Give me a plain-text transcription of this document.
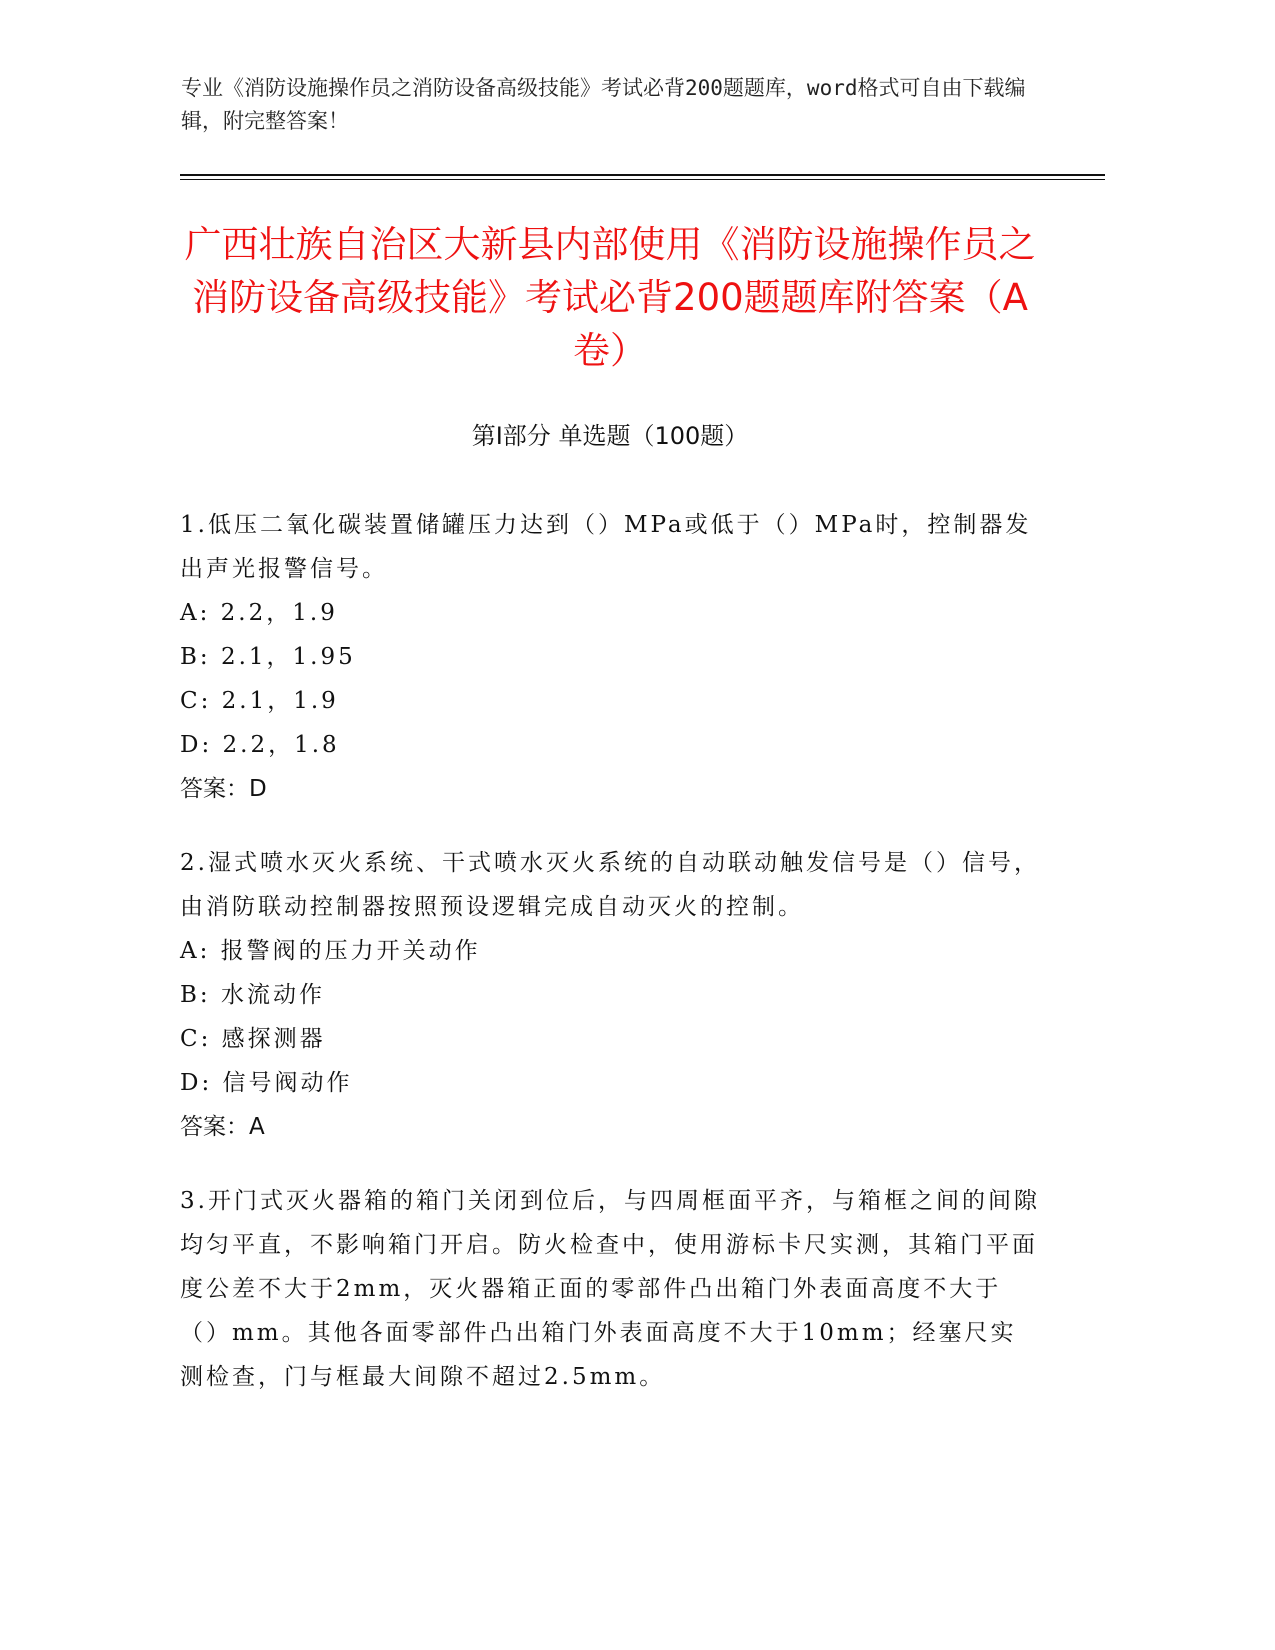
专业《消防设施操作员之消防设备高级技能》考试必背200题题库，word格式可自由下载编辑，附完整答案！
广西壮族自治区大新县内部使用《消防设施操作员之消防设备高级技能》考试必背200题题库附答案（A卷）
第I部分 单选题（100题）

1.低压二氧化碳装置储罐压力达到（）MPa或低于（）MPa时，控制器发出声光报警信号。

A: 2.2，1.9

B: 2.1，1.95

C: 2.1，1.9

D: 2.2，1.8

答案：D

2.湿式喷水灭火系统、干式喷水灭火系统的自动联动触发信号是（）信号，由消防联动控制器按照预设逻辑完成自动灭火的控制。

A: 报警阀的压力开关动作

B: 水流动作

C: 感探测器

D: 信号阀动作

答案：A

3.开门式灭火器箱的箱门关闭到位后，与四周框面平齐，与箱框之间的间隙均匀平直，不影响箱门开启。防火检查中，使用游标卡尺实测，其箱门平面度公差不大于2mm，灭火器箱正面的零部件凸出箱门外表面高度不大于（）mm。其他各面零部件凸出箱门外表面高度不大于10mm；经塞尺实测检查，门与框最大间隙不超过2.5mm。
